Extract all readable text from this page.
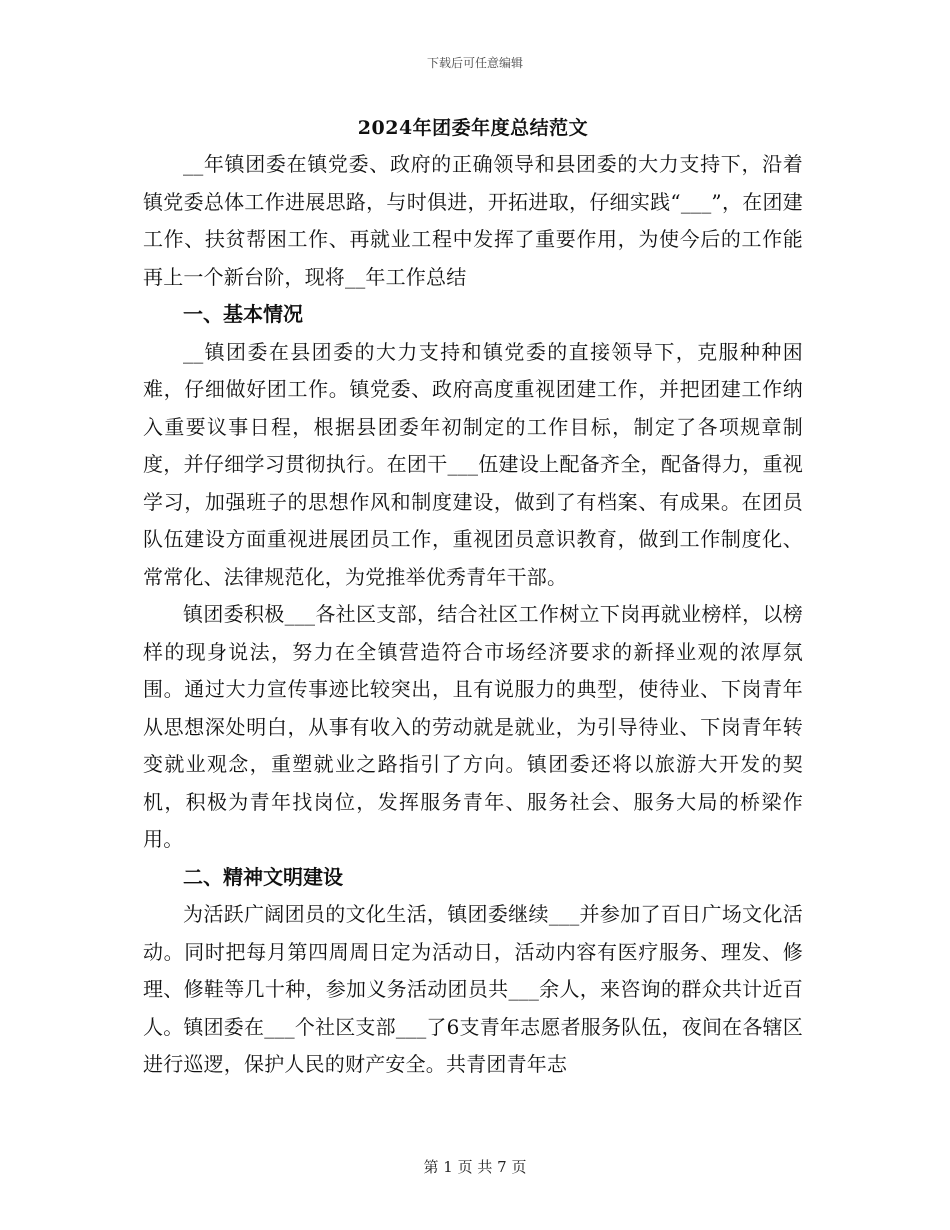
下载后可任意编辑
2024年团委年度总结范文

__年镇团委在镇党委、政府的正确领导和县团委的大力支持下，沿着镇党委总体工作进展思路，与时俱进，开拓进取，仔细实践“___”，在团建工作、扶贫帮困工作、再就业工程中发挥了重要作用，为使今后的工作能再上一个新台阶，现将__年工作总结

一、基本情况

__镇团委在县团委的大力支持和镇党委的直接领导下，克服种种困难，仔细做好团工作。镇党委、政府高度重视团建工作，并把团建工作纳入重要议事日程，根据县团委年初制定的工作目标，制定了各项规章制度，并仔细学习贯彻执行。在团干___伍建设上配备齐全，配备得力，重视学习，加强班子的思想作风和制度建设，做到了有档案、有成果。在团员队伍建设方面重视进展团员工作，重视团员意识教育，做到工作制度化、常常化、法律规范化，为党推举优秀青年干部。

镇团委积极___各社区支部，结合社区工作树立下岗再就业榜样，以榜样的现身说法，努力在全镇营造符合市场经济要求的新择业观的浓厚氛围。通过大力宣传事迹比较突出，且有说服力的典型，使待业、下岗青年从思想深处明白，从事有收入的劳动就是就业，为引导待业、下岗青年转变就业观念，重塑就业之路指引了方向。镇团委还将以旅游大开发的契机，积极为青年找岗位，发挥服务青年、服务社会、服务大局的桥梁作用。

二、精神文明建设

为活跃广阔团员的文化生活，镇团委继续___并参加了百日广场文化活动。同时把每月第四周周日定为活动日，活动内容有医疗服务、理发、修理、修鞋等几十种，参加义务活动团员共___余人，来咨询的群众共计近百人。镇团委在___个社区支部___了6支青年志愿者服务队伍，夜间在各辖区进行巡逻，保护人民的财产安全。共青团青年志

第 1 页 共 7 页
